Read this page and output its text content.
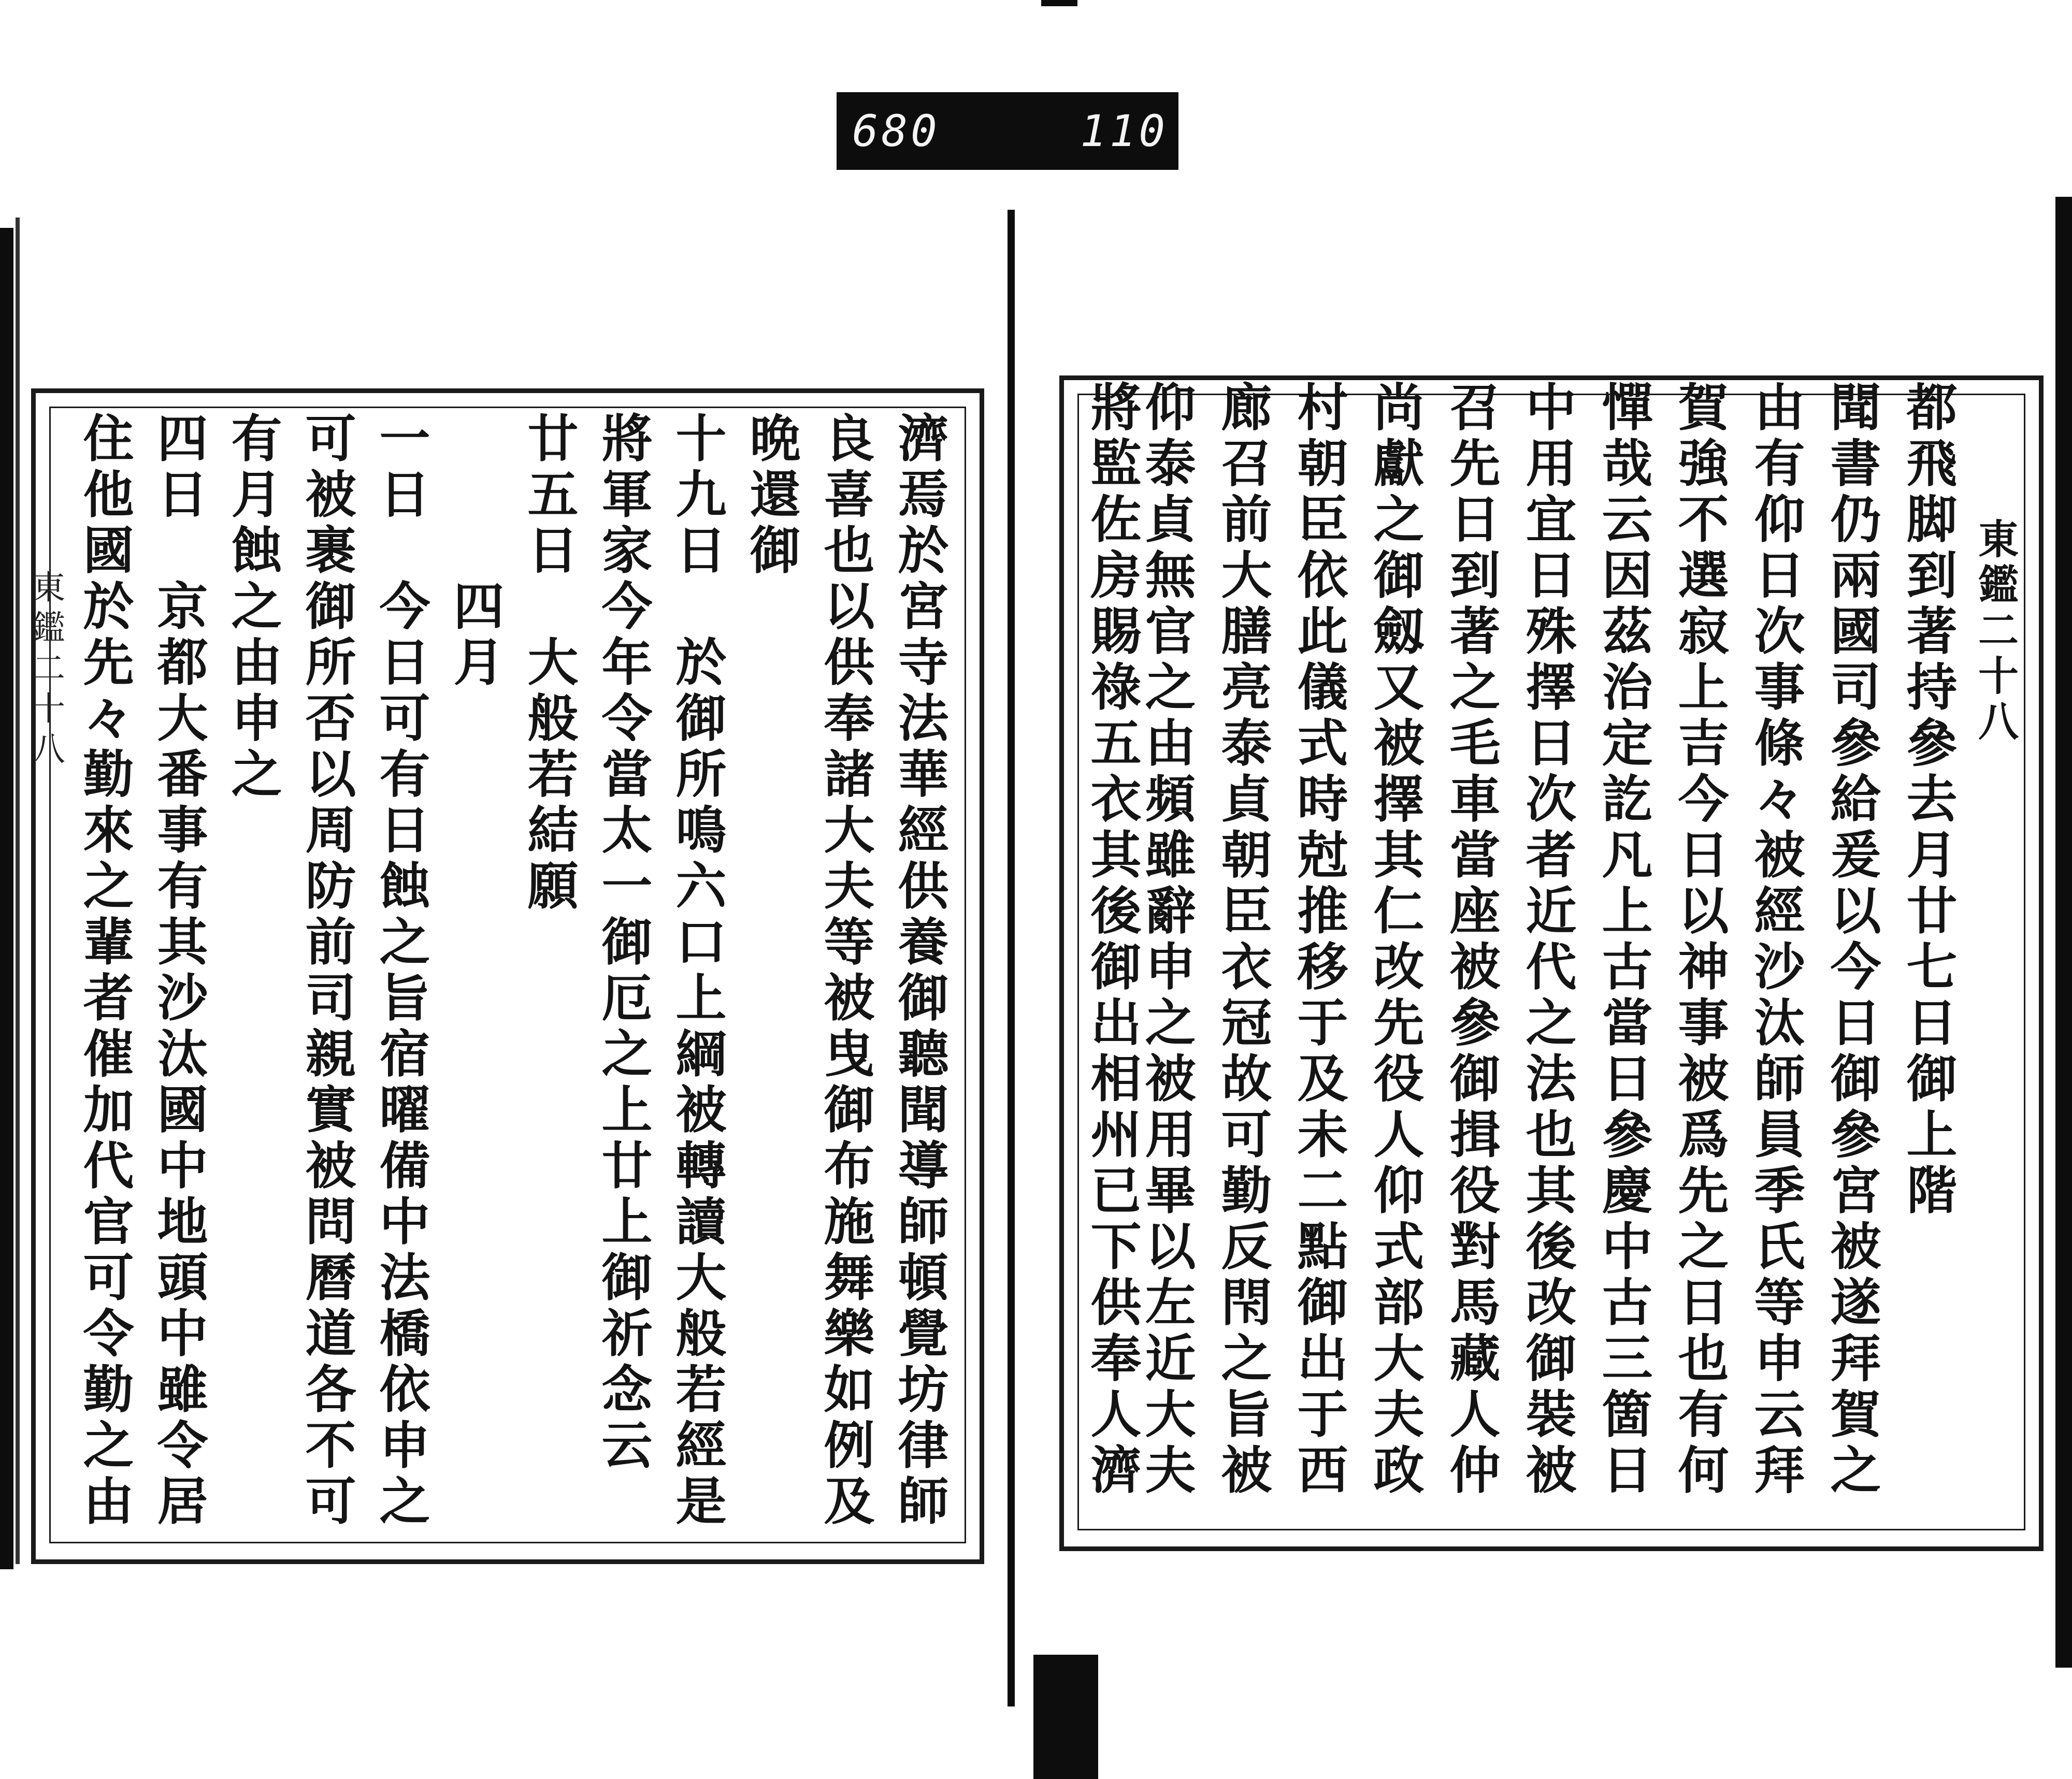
680	110
東鑑二十八	東鑑二十八
都飛脚到著持參去月廿七日御上階
聞書仍兩國司參給爰以今日御參宮被遂拜賀之
由有仰日次事條々被經沙汰師員季氏等申云拜
賀強不選寂上吉今日以神事被爲先之日也有何
憚哉云因茲治定訖凡上古當日參慶中古三箇日
中用宜日殊擇日次者近代之法也其後改御裝被
召先日到著之毛車當座被參御揖役對馬藏人仲
尚獻之御劔又被擇其仁改先役人仰式部大夫政
村朝臣依此儀式時尅推移于及未二點御出于西
廊召前大膳亮泰貞朝臣衣冠故可勤反閇之旨被
仰泰貞無官之由頻雖辭申之被用畢以左近大夫
將監佐房賜祿五衣其後御出相州已下供奉人濟
濟焉於宮寺法華經供養御聽聞導師頓覺坊律師
良喜也以供奉諸大夫等被曳御布施舞樂如例及
晩還御
十九日　於御所鳴六口上綱被轉讀大般若經是
將軍家今年令當太一御厄之上廿上御祈念云
廿五日　大般若結願
　　　四月
一日　今日可有日蝕之旨宿曜備中法橋依申之
可被裹御所否以周防前司親實被問曆道各不可
有月蝕之由申之
四日　京都大番事有其沙汰國中地頭中雖令居
住他國於先々勤來之輩者催加代官可令勤之由
